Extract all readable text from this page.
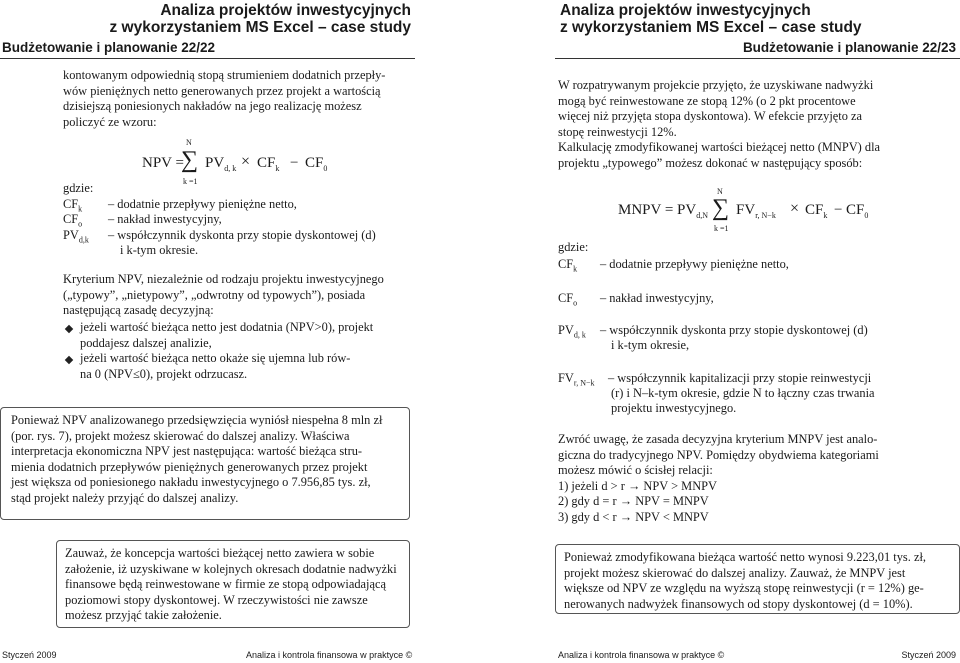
Analiza projektów inwestycyjnych
z wykorzystaniem MS Excel – case study
Budżetowanie i planowanie 22/22
kontowanym odpowiednią stopą strumieniem dodatnich przepły-
wów pieniężnych netto generowanych przez projekt a wartością
dzisiejszą poniesionych nakładów na jego realizację możesz
policzyć ze wzoru:
NPV =
N
∑
k =1
$PV_{d, k} \times CF_k - CF_0$
gdzie:
$CF_k$ – dodatnie przepływy pieniężne netto,
$CF_o$ – nakład inwestycyjny,
$PV_{d,k}$ – współczynnik dyskonta przy stopie dyskontowej (d)
i k-tym okresie.
Kryterium NPV, niezależnie od rodzaju projektu inwestycyjnego
(„typowy”, „nietypowy”, „odwrotny od typowych”), posiada
następującą zasadę decyzyjną:
jeżeli wartość bieżąca netto jest dodatnia (NPV>0), projekt
poddajesz dalszej analizie,
jeżeli wartość bieżąca netto okaże się ujemna lub rów-
na 0 (NPV≤0), projekt odrzucasz.
Ponieważ NPV analizowanego przedsięwzięcia wyniósł niespełna 8 mln zł
(por. rys. 7), projekt możesz skierować do dalszej analizy. Właściwa
interpretacja ekonomiczna NPV jest następująca: wartość bieżąca stru-
mienia dodatnich przepływów pieniężnych generowanych przez projekt
jest większa od poniesionego nakładu inwestycyjnego o 7.956,85 tys. zł,
stąd projekt należy przyjąć do dalszej analizy.
Zauważ, że koncepcja wartości bieżącej netto zawiera w sobie
założenie, iż uzyskiwane w kolejnych okresach dodatnie nadwyżki
finansowe będą reinwestowane w firmie ze stopą odpowiadającą
poziomowi stopy dyskontowej. W rzeczywistości nie zawsze
możesz przyjąć takie założenie.
Styczeń 2009	Analiza i kontrola finansowa w praktyce ©
Analiza projektów inwestycyjnych
z wykorzystaniem MS Excel – case study
Budżetowanie i planowanie 22/23
W rozpatrywanym projekcie przyjęto, że uzyskiwane nadwyżki
mogą być reinwestowane ze stopą 12% (o 2 pkt procentowe
więcej niż przyjęta stopa dyskontowa). W efekcie przyjęto za
stopę reinwestycji 12%.
Kalkulację zmodyfikowanej wartości bieżącej netto (MNPV) dla
projektu „typowego” możesz dokonać w następujący sposób:
MNPV = $PV_{d,N}$
N
∑
k =1
$FV_{r, N-k} \times CF_k - CF_0$
gdzie:
$CF_k$ – dodatnie przepływy pieniężne netto,
$CF_o$ – nakład inwestycyjny,
$PV_{d, k}$ – współczynnik dyskonta przy stopie dyskontowej (d)
i k-tym okresie,
$FV_{r, N-k}$ – współczynnik kapitalizacji przy stopie reinwestycji
(r) i N–k-tym okresie, gdzie N to łączny czas trwania
projektu inwestycyjnego.
Zwróć uwagę, że zasada decyzyjna kryterium MNPV jest analo-
giczna do tradycyjnego NPV. Pomiędzy obydwiema kategoriami
możesz mówić o ścisłej relacji:
1) jeżeli d > r → NPV > MNPV
2) gdy d = r → NPV = MNPV
3) gdy d < r → NPV < MNPV
Ponieważ zmodyfikowana bieżąca wartość netto wynosi 9.223,01 tys. zł,
projekt możesz skierować do dalszej analizy. Zauważ, że MNPV jest
większe od NPV ze względu na wyższą stopę reinwestycji (r = 12%) ge-
nerowanych nadwyżek finansowych od stopy dyskontowej (d = 10%).
Analiza i kontrola finansowa w praktyce ©	Styczeń 2009
